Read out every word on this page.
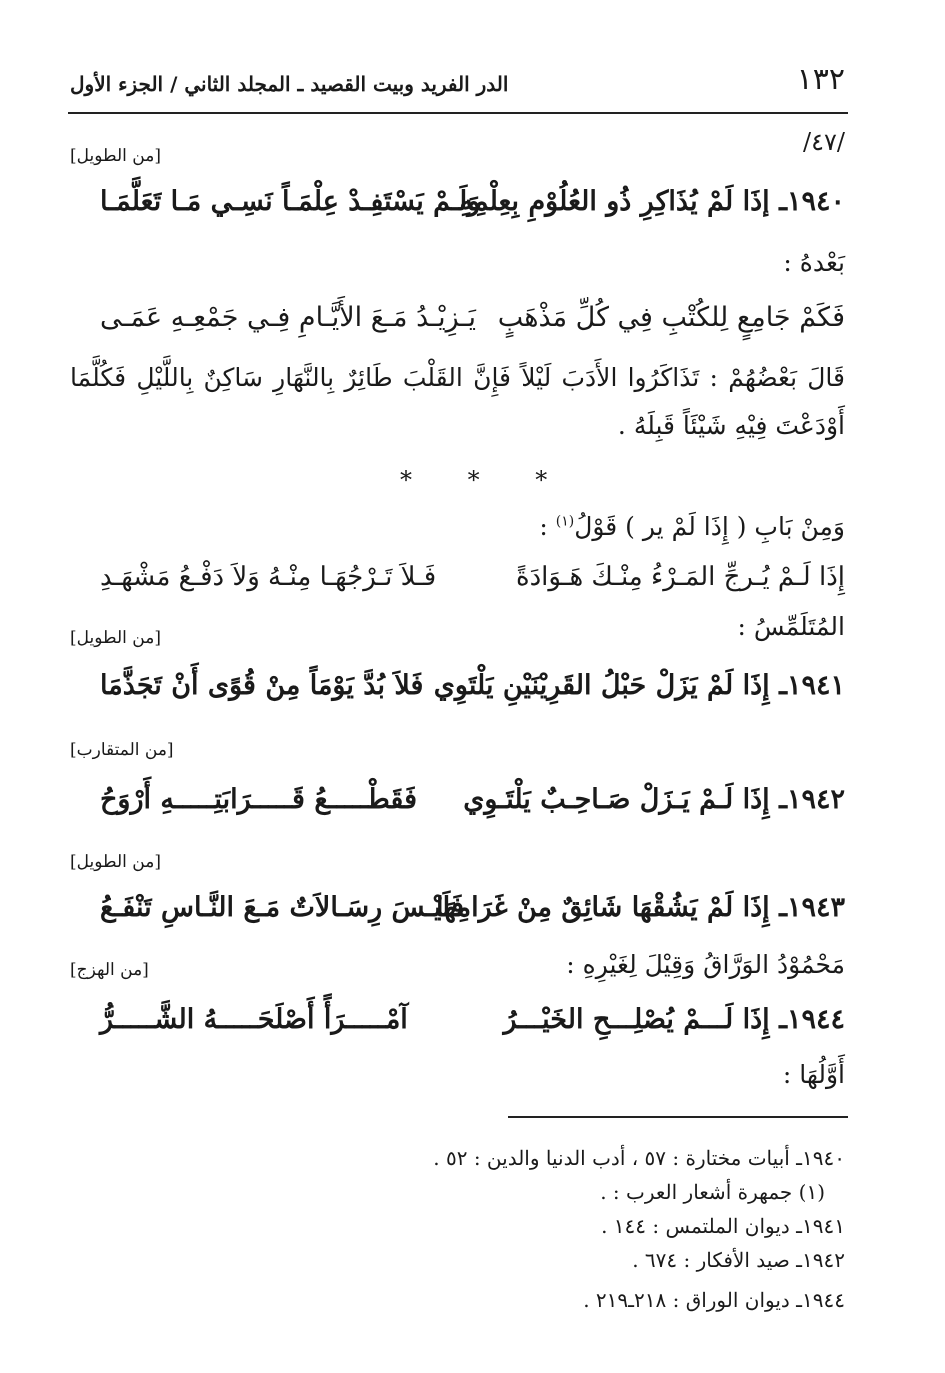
١٣٢
الدر الفريد وبيت القصيد ـ المجلد الثاني / الجزء الأول
/٤٧/
[من الطويل]
١٩٤٠ـ إذَا لَمْ يُذَاكِرِ ذُو العُلُوْمِ بِعِلْمِهِ
وَلَـمْ يَسْتَفِـدْ عِلْمَـاً نَسِـي مَـا تَعَلَّمَـا
بَعْدهُ :
فَكَمْ جَامِعٍ لِلكُتْبِ فِي كُلِّ مَذْهَبٍ
يَـزِيْـدُ مَـعَ الأَيَّـامِ فِـي جَمْعِـهِ عَمَـى
قَالَ بَعْضُهُمْ : تَذَاكَرُوا الأَدَبَ لَيْلاً فَإِنَّ القَلْبَ طَائِرٌ بِالنَّهَارِ سَاكِنٌ بِاللَّيْلِ فَكُلَّمَا أَوْدَعْتَ فِيْهِ شَيْئَاً قَبِلَهُ .
* * *
وَمِنْ بَابِ ( إِذَا لَمْ ير ) قَوْلُ$^{(١)}$ :
إِذَا لَـمْ يُـرجِّ المَـرْءُ مِنْـكَ هَـوَادَةً
فَـلاَ تَـرْجُهَـا مِنْـهُ وَلاَ دَفْـعُ مَشْهَـدِ
المُتَلَمِّسُ :
[من الطويل]
١٩٤١ـ إِذَا لَمْ يَزَلْ حَبْلُ القَرِيْنَيْنِ يَلْتَوِي
فَلاَ بُدَّ يَوْمَاً مِنْ قُوًى أَنْ تَجَذَّمَا
[من المتقارب]
١٩٤٢ـ إِذَا لَـمْ يَـزَلْ صَـاحِـبٌ يَلْتَـوِي
فَقَطْـــــعُ قَـــــرَابَتِـــــهِ أَرْوَحُ
[من الطويل]
١٩٤٣ـ إِذَا لَمْ يَشُقْهَا شَائِقٌ مِنْ غَرَامِهَا
فَلَيْـسَ رِسَـالاَتٌ مَـعَ النَّـاسِ تَنْفَـعُ
مَحْمُوْدُ الوَرَّاقُ وَقِيْلَ لِغَيْرِهِ :
[من الهزج]
١٩٤٤ـ إِذَا لَـــمْ يُصْلِـــحِ الخَيْـــرُ
آمْـــــرَأً أَصْلَحَـــــهُ الشَّـــــرُّ
أَوَّلُهَا :
١٩٤٠ـ أبيات مختارة : ٥٧ ، أدب الدنيا والدين : ٥٢ .
(١) جمهرة أشعار العرب : .
١٩٤١ـ ديوان الملتمس : ١٤٤ .
١٩٤٢ـ صيد الأفكار : ٦٧٤ .
١٩٤٤ـ ديوان الوراق : ٢١٨ـ٢١٩ .
